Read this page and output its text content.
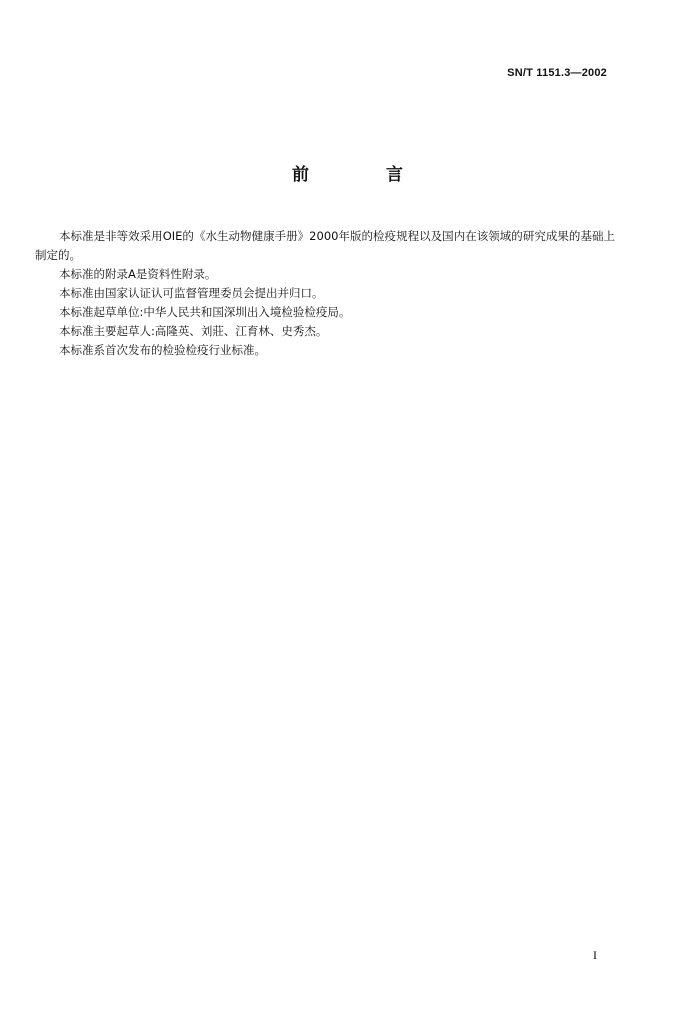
SN/T 1151.3—2002
前　言

本标准是非等效采用OIE的《水生动物健康手册》2000年版的检疫规程以及国内在该领域的研究成果的基础上制定的。

本标准的附录A是资料性附录。

本标准由国家认证认可监督管理委员会提出并归口。

本标准起草单位:中华人民共和国深圳出入境检验检疫局。

本标准主要起草人:高隆英、刘莊、江育林、史秀杰。

本标准系首次发布的检验检疫行业标准。

I
